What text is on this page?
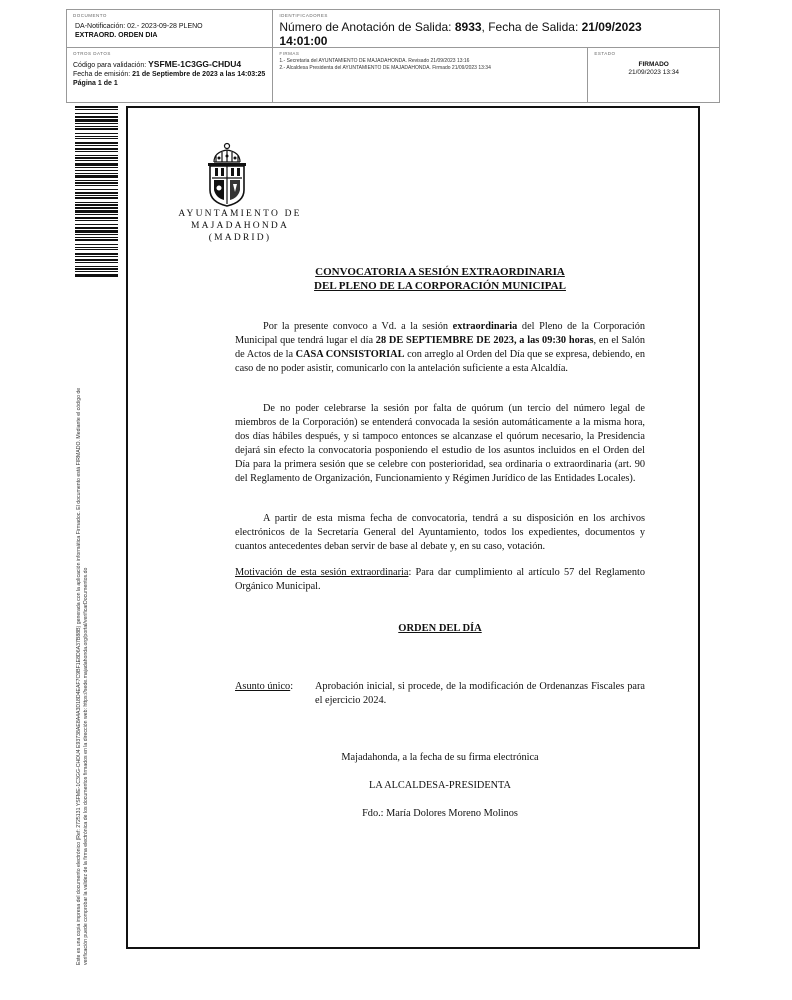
DOCUMENTO
DA-Notificación: 02.- 2023-09-28 PLENO
EXTRAORD. ORDEN DIA
IDENTIFICADORES
Número de Anotación de Salida: 8933, Fecha de Salida: 21/09/2023
14:01:00
OTROS DATOS
Código para validación: YSFME-1C3GG-CHDU4
Fecha de emisión: 21 de Septiembre de 2023 a las 14:03:25
Página 1 de 1
FIRMAS
1.- Secretaria del AYUNTAMIENTO DE MAJADAHONDA. Revisado 21/09/2023 13:16
2.- Alcaldesa Presidenta del AYUNTAMIENTO DE MAJADAHONDA. Firmado 21/09/2023 13:34
ESTADO
FIRMADO
21/09/2023 13:34
Este es una copia impresa del documento electrónico (Ref: 2725131 YSFME-1C3GG-CHDU4 E93738AE8A4A3D18D4EAF7C9BF1E8D6A37B88B) generada con la aplicación informática Firmadoc. El documento está FIRMADO. Mediante el código de verificación puede comprobar la validez de la firma electrónica de los documentos firmados en la dirección web: https://sede.majadahonda.org/portal/verificarDocumentos.do
AYUNTAMIENTO DE
MAJADAHONDA
(MADRID)
CONVOCATORIA A SESIÓN EXTRAORDINARIA
DEL PLENO DE LA CORPORACIÓN MUNICIPAL
Por la presente convoco a Vd. a la sesión extraordinaria del Pleno de la Corporación Municipal que tendrá lugar el día 28 DE SEPTIEMBRE DE 2023, a las 09:30 horas, en el Salón de Actos de la CASA CONSISTORIAL con arreglo al Orden del Día que se expresa, debiendo, en caso de no poder asistir, comunicarlo con la antelación suficiente a esta Alcaldía.
De no poder celebrarse la sesión por falta de quórum (un tercio del número legal de miembros de la Corporación) se entenderá convocada la sesión automáticamente a la misma hora, dos días hábiles después, y si tampoco entonces se alcanzase el quórum necesario, la Presidencia dejará sin efecto la convocatoria posponiendo el estudio de los asuntos incluidos en el Orden del Día para la primera sesión que se celebre con posterioridad, sea ordinaria o extraordinaria (art. 90 del Reglamento de Organización, Funcionamiento y Régimen Jurídico de las Entidades Locales).
A partir de esta misma fecha de convocatoria, tendrá a su disposición en los archivos electrónicos de la Secretaría General del Ayuntamiento, todos los expedientes, documentos y cuantos antecedentes deban servir de base al debate y, en su caso, votación.
Motivación de esta sesión extraordinaria: Para dar cumplimiento al artículo 57 del Reglamento Orgánico Municipal.
ORDEN DEL DÍA
Asunto único:	Aprobación inicial, si procede, de la modificación de Ordenanzas Fiscales para el ejercicio 2024.
Majadahonda, a la fecha de su firma electrónica
LA ALCALDESA-PRESIDENTA
Fdo.: María Dolores Moreno Molinos
